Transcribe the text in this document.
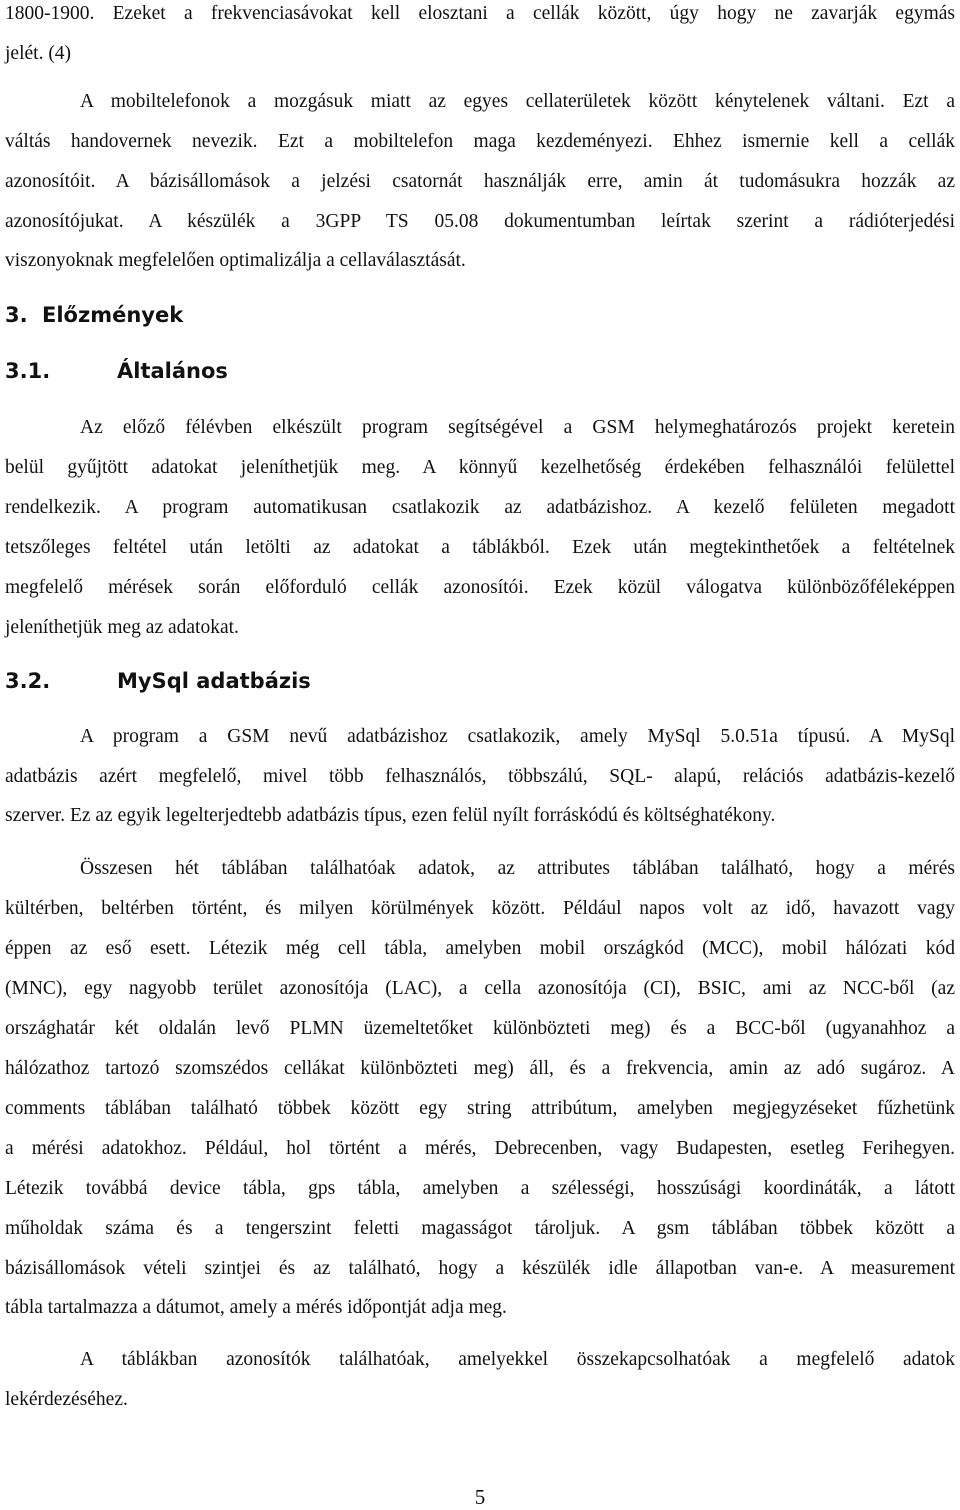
1800-1900. Ezeket a frekvenciasávokat kell elosztani a cellák között, úgy hogy ne zavarják egymás
jelét. (4)
A mobiltelefonok a mozgásuk miatt az egyes cellaterületek között kénytelenek váltani. Ezt a
váltás handovernek nevezik. Ezt a mobiltelefon maga kezdeményezi. Ehhez ismernie kell a cellák
azonosítóit. A bázisállomások a jelzési csatornát használják erre, amin át tudomásukra hozzák az
azonosítójukat. A készülék a 3GPP TS 05.08 dokumentumban leírtak szerint a rádióterjedési
viszonyoknak megfelelően optimalizálja a cellaválasztását.
3. Előzmények
3.1.	Általános
Az előző félévben elkészült program segítségével a GSM helymeghatározós projekt keretein
belül gyűjtött adatokat jeleníthetjük meg. A könnyű kezelhetőség érdekében felhasználói felülettel
rendelkezik. A program automatikusan csatlakozik az adatbázishoz. A kezelő felületen megadott
tetszőleges feltétel után letölti az adatokat a táblákból. Ezek után megtekinthetőek a feltételnek
megfelelő mérések során előforduló cellák azonosítói. Ezek közül válogatva különbözőféleképpen
jeleníthetjük meg az adatokat.
3.2.	MySql adatbázis
A program a GSM nevű adatbázishoz csatlakozik, amely MySql 5.0.51a típusú. A MySql
adatbázis azért megfelelő, mivel több felhasználós, többszálú, SQL- alapú, relációs adatbázis-kezelő
szerver. Ez az egyik legelterjedtebb adatbázis típus, ezen felül nyílt forráskódú és költséghatékony.
Összesen hét táblában találhatóak adatok, az attributes táblában található, hogy a mérés
kültérben, beltérben történt, és milyen körülmények között. Például napos volt az idő, havazott vagy
éppen az eső esett. Létezik még cell tábla, amelyben mobil országkód (MCC), mobil hálózati kód
(MNC), egy nagyobb terület azonosítója (LAC), a cella azonosítója (CI), BSIC, ami az NCC-ből (az
országhatár két oldalán levő PLMN üzemeltetőket különbözteti meg) és a BCC-ből (ugyanahhoz a
hálózathoz tartozó szomszédos cellákat különbözteti meg) áll, és a frekvencia, amin az adó sugároz. A
comments táblában található többek között egy string attribútum, amelyben megjegyzéseket fűzhetünk
a mérési adatokhoz. Például, hol történt a mérés, Debrecenben, vagy Budapesten, esetleg Ferihegyen.
Létezik továbbá device tábla, gps tábla, amelyben a szélességi, hosszúsági koordináták, a látott
műholdak száma és a tengerszint feletti magasságot tároljuk. A gsm táblában többek között a
bázisállomások vételi szintjei és az található, hogy a készülék idle állapotban van-e. A measurement
tábla tartalmazza a dátumot, amely a mérés időpontját adja meg.
A táblákban azonosítók találhatóak, amelyekkel összekapcsolhatóak a megfelelő adatok
lekérdezéséhez.
5
